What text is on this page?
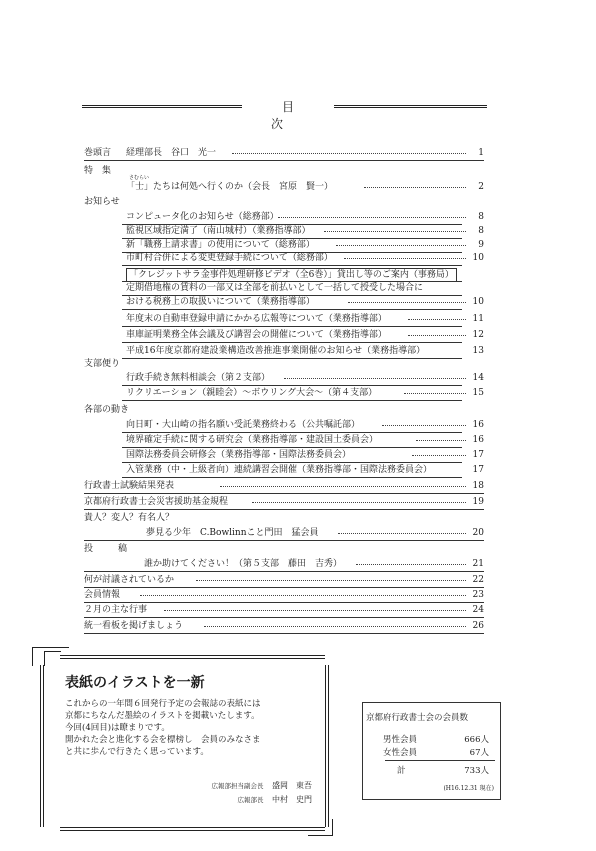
目　次
巻頭言 経理部長　谷口　光一	1
特　集
「士」たちは何処へ行くのか（会長　宮原　賢一）	2
さむらい
お知らせ
コンピュータ化のお知らせ（総務部）	8
監視区域指定満了（南山城村）（業務指導部）	8
新「職務上請求書」の使用について（総務部）	9
市町村合併による変更登録手続について（総務部）	10
「クレジットサラ金事件処理研修ビデオ（全6巻）」貸出し等のご案内（事務局）
定期借地権の賃料の一部又は全部を前払いとして一括して授受した場合に
おける税務上の取扱いについて（業務指導部）	10
年度末の自動車登録申請にかかる広報等について（業務指導部）	11
車庫証明業務全体会議及び講習会の開催について（業務指導部）	12
平成16年度京都府建設業構造改善推進事業開催のお知らせ（業務指導部）	13
支部便り
行政手続き無料相談会（第２支部）	14
リクリエーション（親睦会）～ボウリング大会～（第４支部）	15
各部の動き
向日町・大山崎の指名願い受託業務終わる（公共嘱託部）	16
境界確定手続に関する研究会（業務指導部・建設国土委員会）	16
国際法務委員会研修会（業務指導部・国際法務委員会）	17
入管業務（中・上級者向）連続講習会開催（業務指導部・国際法務委員会）	17
行政書士試験結果発表	18
京都府行政書士会災害援助基金規程	19
貴人？変人？有名人？
夢見る少年　C.Bowlinnこと門田　猛会員	20
投　稿
誰か助けてください！（第５支部　藤田　吉秀）	21
何が討議されているか	22
会員情報	23
２月の主な行事	24
統一看板を掲げましょう	26
表紙のイラストを一新

これからの一年間６回発行予定の会報誌の表紙には

京都にちなんだ墨絵のイラストを掲載いたします。

今回(4回目)は瞭まりです。

開かれた会と進化する会を標榜し　会員のみなさま

と共に歩んで行きたく思っています。

広報部担当副会長 盛岡　東吾
広報部長 中村　史門
京都府行政書士会の会員数
男性会員	666人
女性会員	67人
計	733人
(H16.12.31 現在)
